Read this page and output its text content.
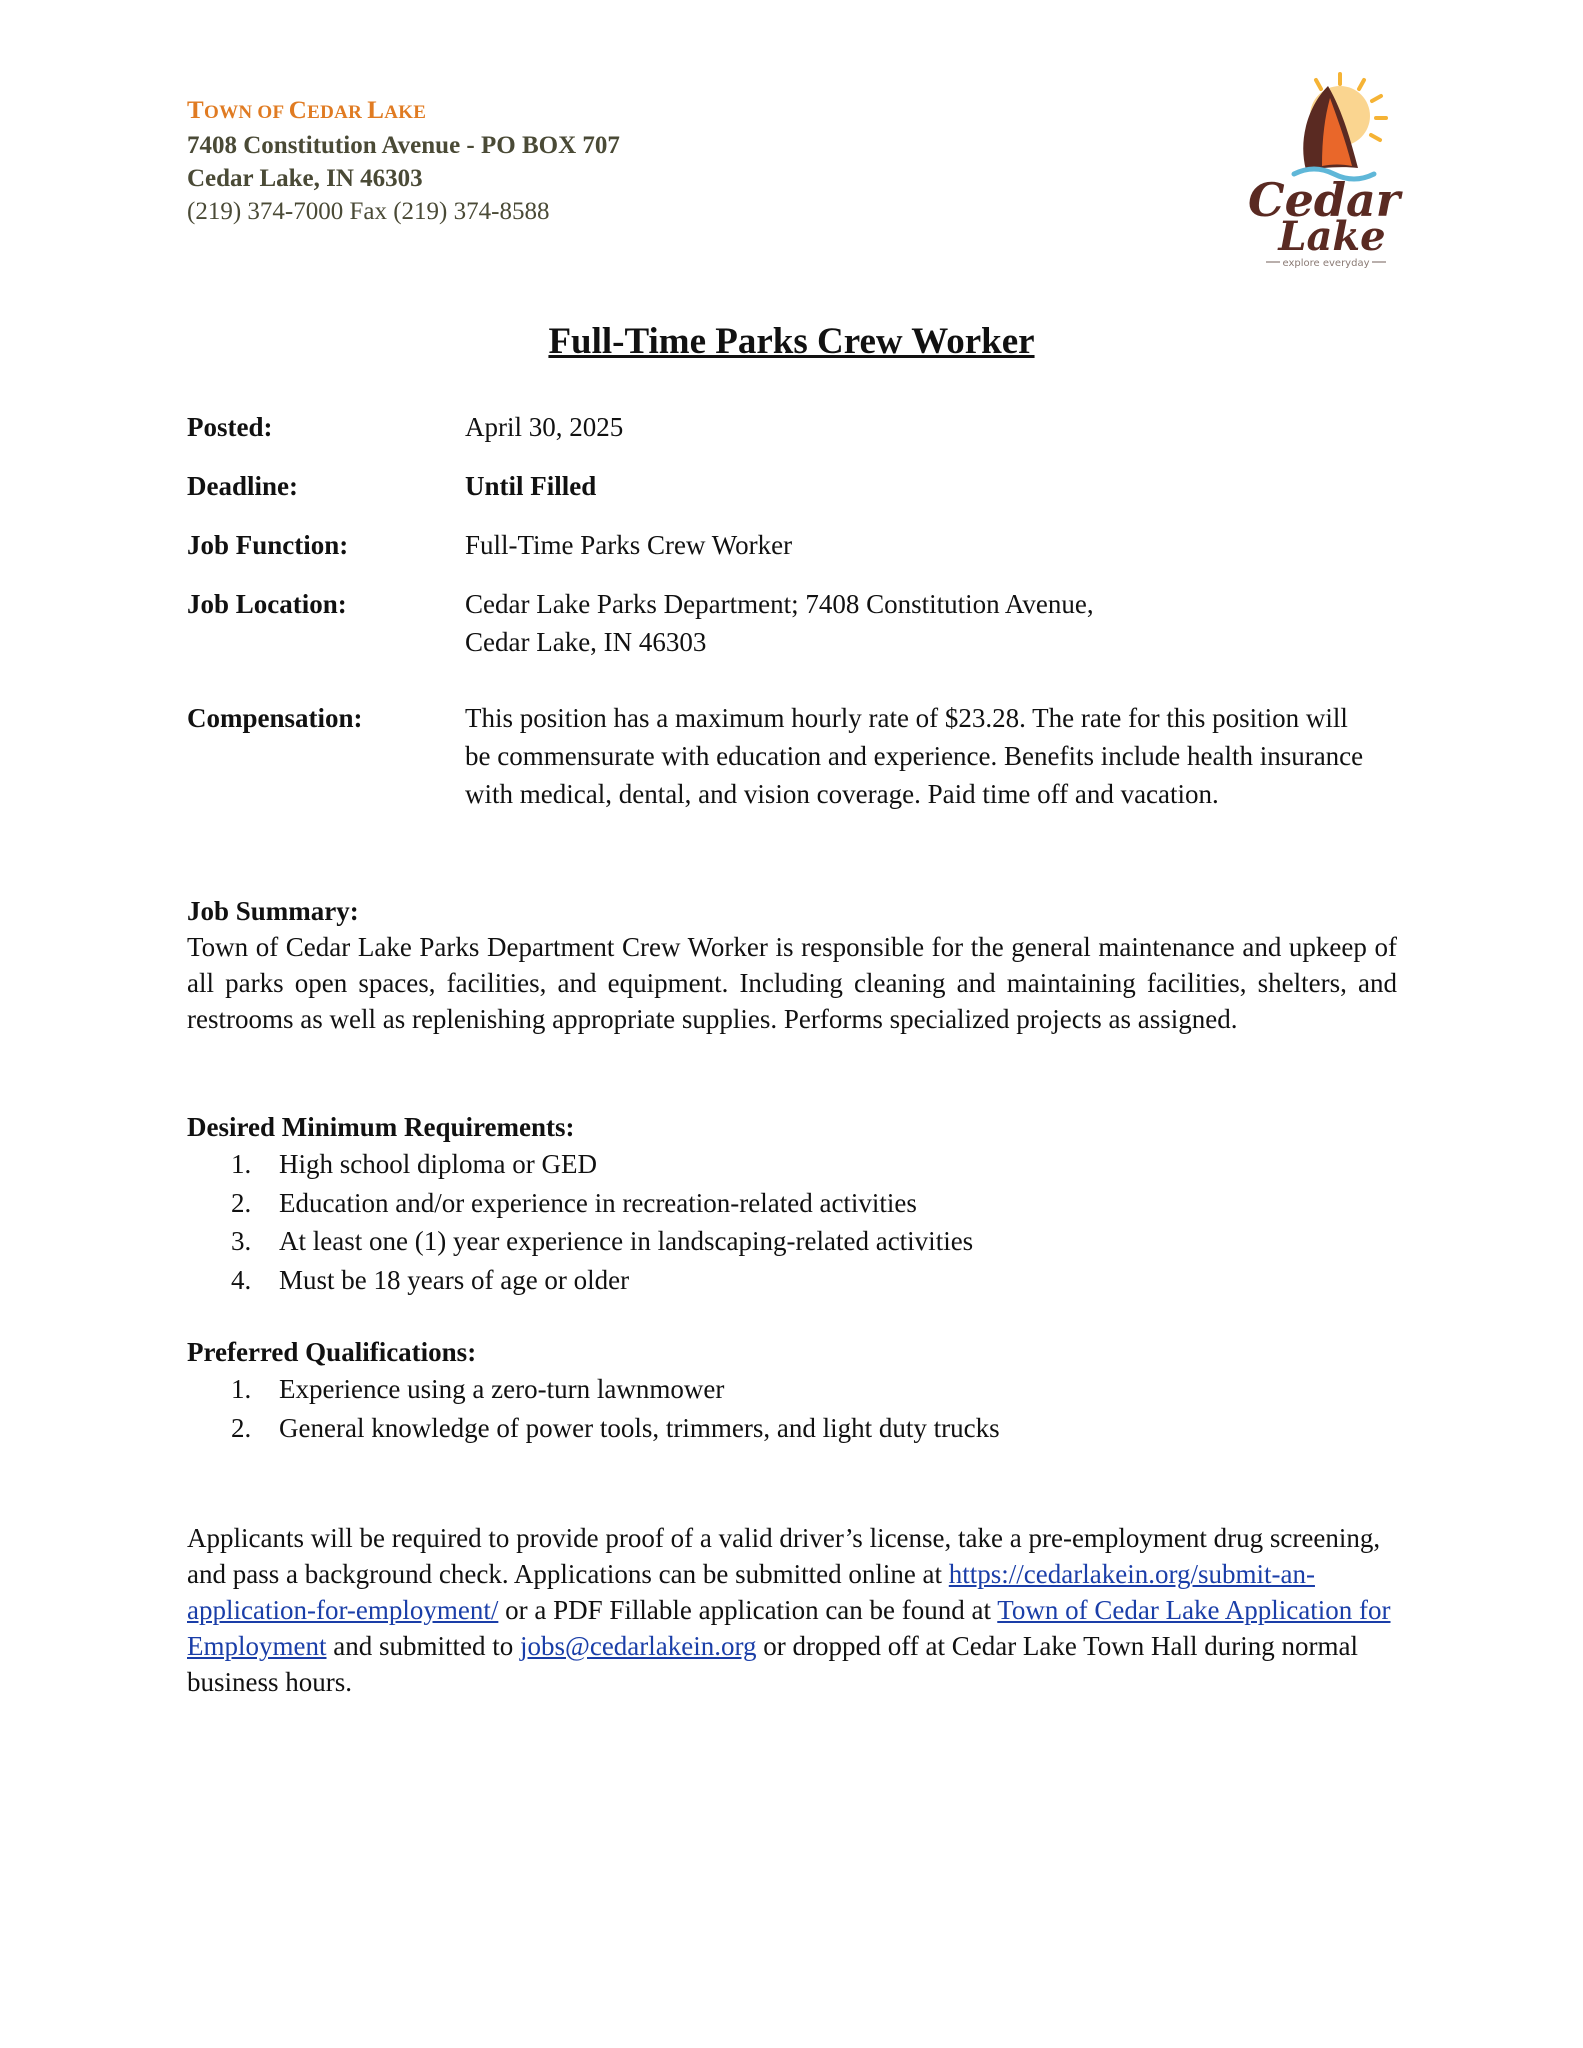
TOWN OF CEDAR LAKE
7408 Constitution Avenue - PO BOX 707
Cedar Lake, IN 46303
(219) 374-7000 Fax (219) 374-8588	Cedar
Lake
explore everyday
Full-Time Parks Crew Worker
Posted:	April 30, 2025
Deadline:	Until Filled
Job Function:	Full-Time Parks Crew Worker
Job Location:	Cedar Lake Parks Department; 7408 Constitution Avenue,
Cedar Lake, IN 46303
Compensation:	This position has a maximum hourly rate of $23.28. The rate for this position will be commensurate with education and experience. Benefits include health insurance with medical, dental, and vision coverage. Paid time off and vacation.
Job Summary:
Town of Cedar Lake Parks Department Crew Worker is responsible for the general maintenance and upkeep of all parks open spaces, facilities, and equipment. Including cleaning and maintaining facilities, shelters, and restrooms as well as replenishing appropriate supplies. Performs specialized projects as assigned.
Desired Minimum Requirements:
1. High school diploma or GED
2. Education and/or experience in recreation-related activities
3. At least one (1) year experience in landscaping-related activities
4. Must be 18 years of age or older
Preferred Qualifications:
1. Experience using a zero-turn lawnmower
2. General knowledge of power tools, trimmers, and light duty trucks
Applicants will be required to provide proof of a valid driver’s license, take a pre-employment drug screening, and pass a background check. Applications can be submitted online at https://cedarlakein.org/submit-an-application-for-employment/ or a PDF Fillable application can be found at Town of Cedar Lake Application for Employment and submitted to jobs@cedarlakein.org or dropped off at Cedar Lake Town Hall during normal business hours.
